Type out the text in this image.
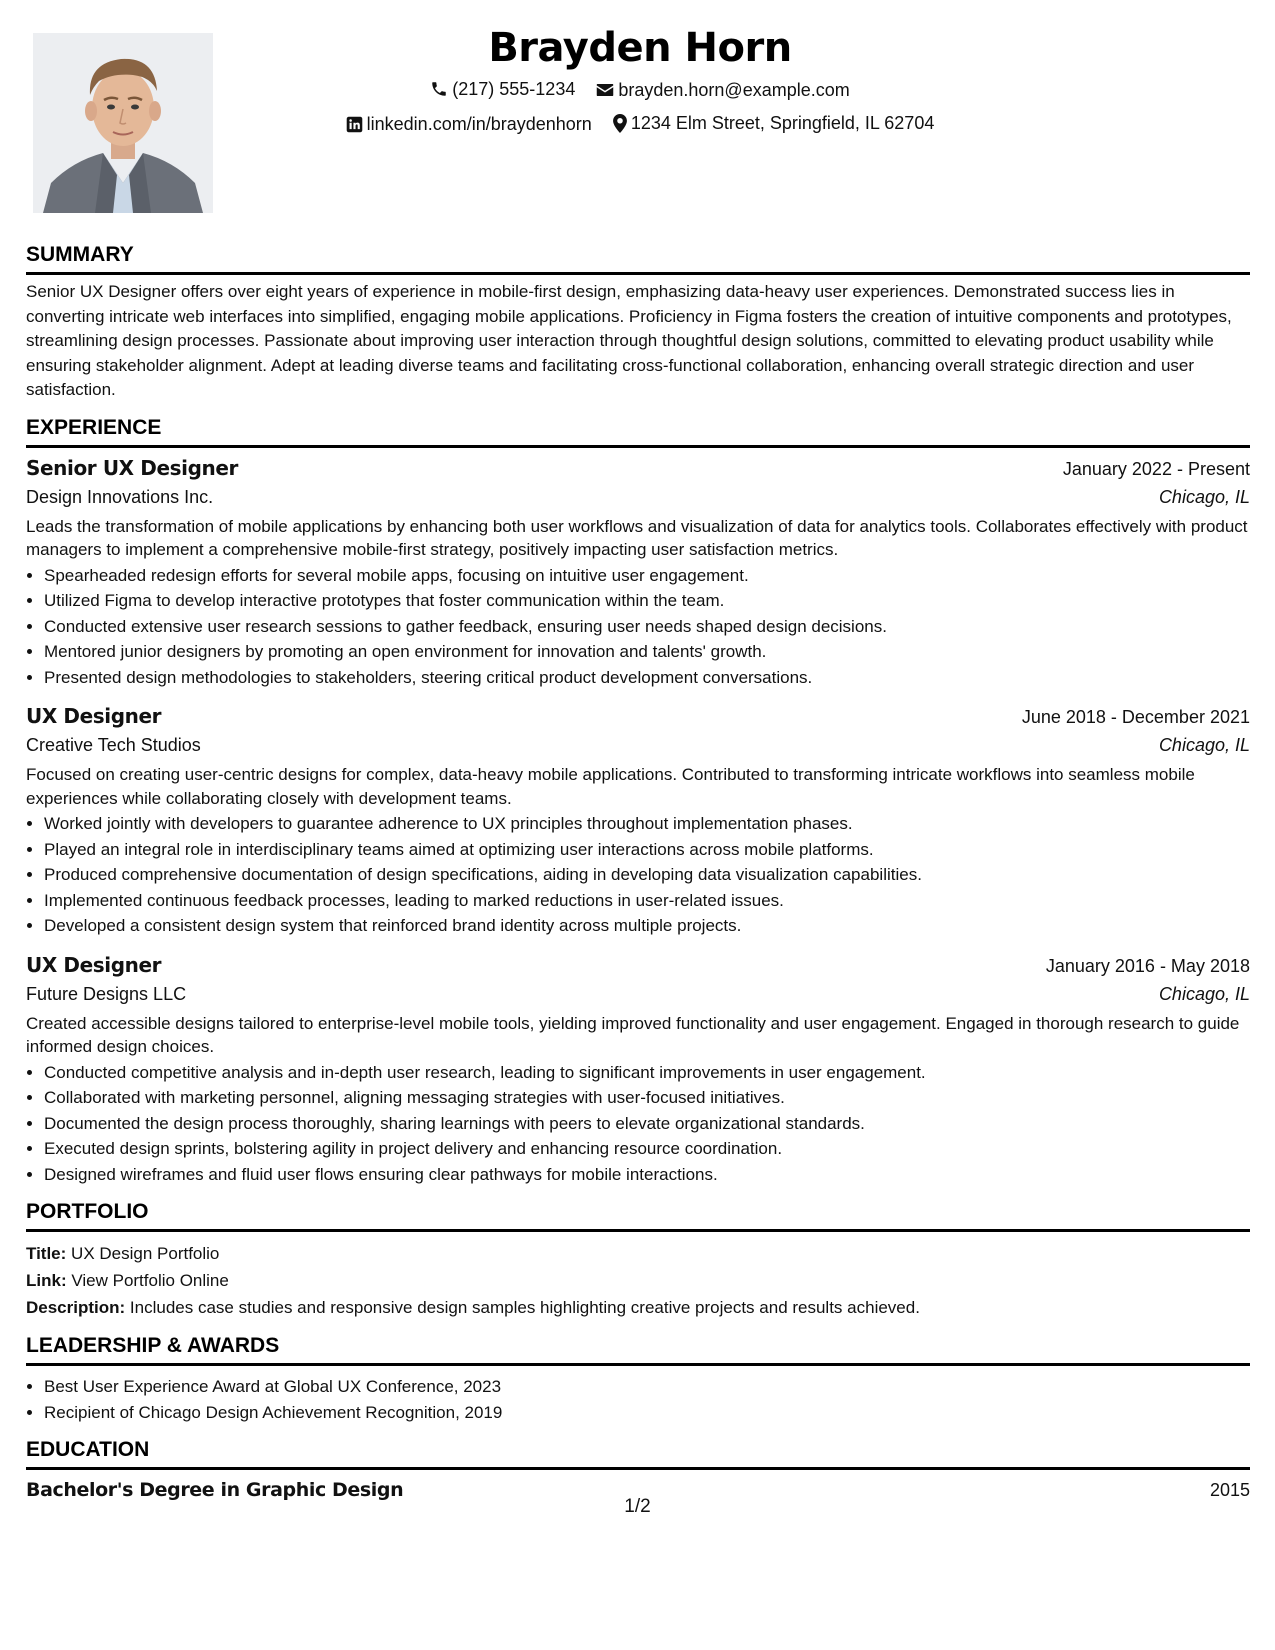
Brayden Horn
(217) 555-1234
brayden.horn@example.com
linkedin.com/in/braydenhorn
1234 Elm Street, Springfield, IL 62704
SUMMARY

Senior UX Designer offers over eight years of experience in mobile-first design, emphasizing data-heavy user experiences. Demonstrated success lies in converting intricate web interfaces into simplified, engaging mobile applications. Proficiency in Figma fosters the creation of intuitive components and prototypes, streamlining design processes. Passionate about improving user interaction through thoughtful design solutions, committed to elevating product usability while ensuring stakeholder alignment. Adept at leading diverse teams and facilitating cross-functional collaboration, enhancing overall strategic direction and user satisfaction.

EXPERIENCE
Senior UX Designer	January 2022 - Present
Design Innovations Inc.	Chicago, IL
Leads the transformation of mobile applications by enhancing both user workflows and visualization of data for analytics tools. Collaborates effectively with product managers to implement a comprehensive mobile-first strategy, positively impacting user satisfaction metrics.
• Spearheaded redesign efforts for several mobile apps, focusing on intuitive user engagement.
• Utilized Figma to develop interactive prototypes that foster communication within the team.
• Conducted extensive user research sessions to gather feedback, ensuring user needs shaped design decisions.
• Mentored junior designers by promoting an open environment for innovation and talents' growth.
• Presented design methodologies to stakeholders, steering critical product development conversations.
UX Designer	June 2018 - December 2021
Creative Tech Studios	Chicago, IL
Focused on creating user-centric designs for complex, data-heavy mobile applications. Contributed to transforming intricate workflows into seamless mobile experiences while collaborating closely with development teams.
• Worked jointly with developers to guarantee adherence to UX principles throughout implementation phases.
• Played an integral role in interdisciplinary teams aimed at optimizing user interactions across mobile platforms.
• Produced comprehensive documentation of design specifications, aiding in developing data visualization capabilities.
• Implemented continuous feedback processes, leading to marked reductions in user-related issues.
• Developed a consistent design system that reinforced brand identity across multiple projects.
UX Designer	January 2016 - May 2018
Future Designs LLC	Chicago, IL
Created accessible designs tailored to enterprise-level mobile tools, yielding improved functionality and user engagement. Engaged in thorough research to guide informed design choices.
• Conducted competitive analysis and in-depth user research, leading to significant improvements in user engagement.
• Collaborated with marketing personnel, aligning messaging strategies with user-focused initiatives.
• Documented the design process thoroughly, sharing learnings with peers to elevate organizational standards.
• Executed design sprints, bolstering agility in project delivery and enhancing resource coordination.
• Designed wireframes and fluid user flows ensuring clear pathways for mobile interactions.
PORTFOLIO
Title: UX Design Portfolio
Link: View Portfolio Online
Description: Includes case studies and responsive design samples highlighting creative projects and results achieved.
LEADERSHIP & AWARDS
• Best User Experience Award at Global UX Conference, 2023
• Recipient of Chicago Design Achievement Recognition, 2019
EDUCATION
Bachelor's Degree in Graphic Design	2015
1/2
